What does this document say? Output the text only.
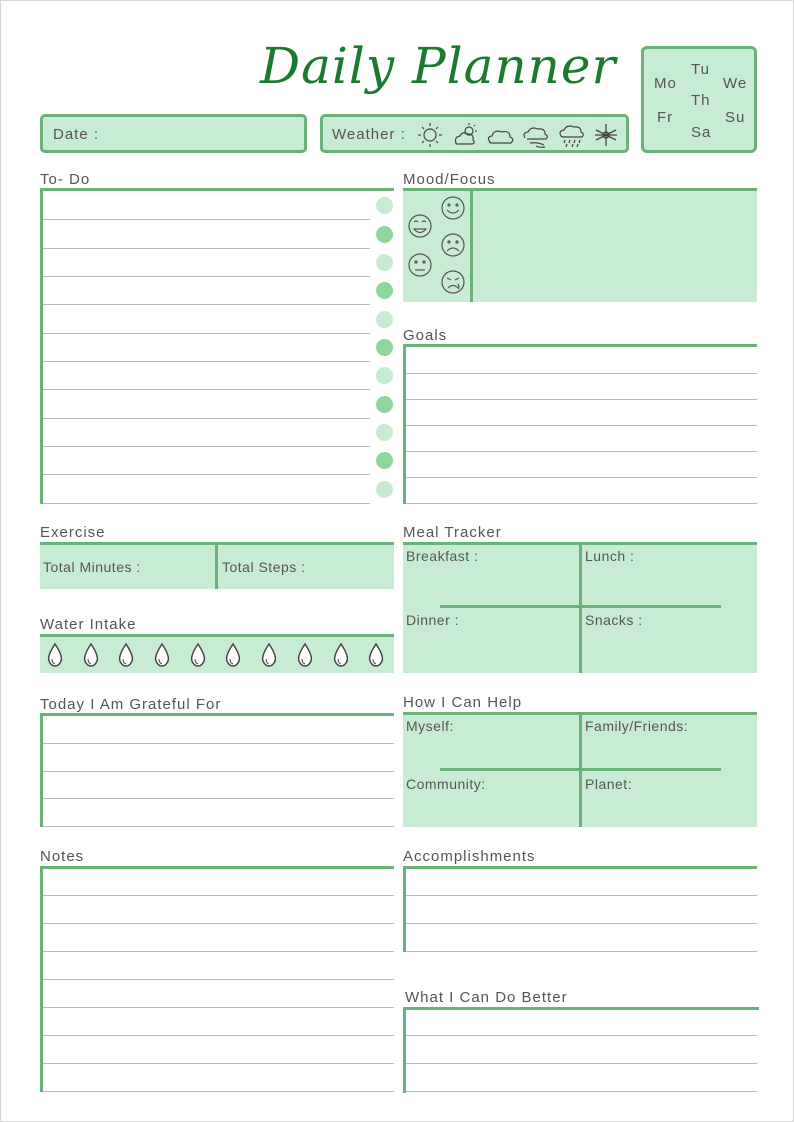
Daily Planner
Date :	Weather :
Mo
Tu
We
Th
Fr
Sa
Su
To- Do	Mood/Focus
Goals
Exercise
Total Minutes :	Total Steps :
Water Intake
Meal Tracker
Breakfast :	Lunch :
Dinner :	Snacks :
Today I Am Grateful For	How I Can Help
Myself:	Family/Friends:
Community:	Planet:
Notes	Accomplishments
What I Can Do Better
